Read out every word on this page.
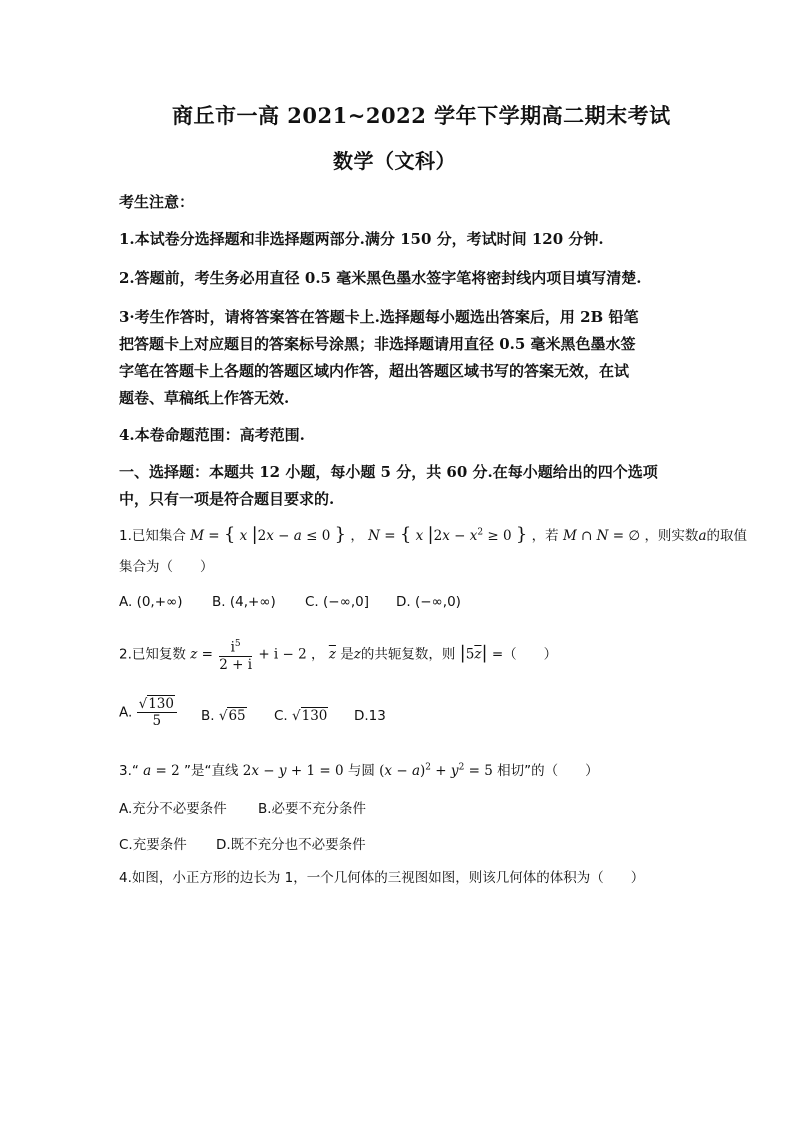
商丘市一高 2021~2022 学年下学期高二期末考试
数学（文科）
考生注意：
1.本试卷分选择题和非选择题两部分.满分 150 分，考试时间 120 分钟.
2.答题前，考生务必用直径 0.5 毫米黑色墨水签字笔将密封线内项目填写清楚.
3·考生作答时，请将答案答在答题卡上.选择题每小题选出答案后，用 2B 铅笔
把答题卡上对应题目的答案标号涂黑；非选择题请用直径 0.5 毫米黑色墨水签
字笔在答题卡上各题的答题区域内作答，超出答题区域书写的答案无效，在试
题卷、草稿纸上作答无效.
4.本卷命题范围：高考范围.
一、选择题：本题共 12 小题，每小题 5 分，共 60 分.在每小题给出的四个选项
中，只有一项是符合题目要求的.
1.已知集合 M = { x |2x − a ≤ 0 } ， N = { x $|2x - x^2 \ge 0$ } ，若 M ∩ N = ∅ ，则实数a的取值
集合为（　　）
A. (0,+∞) B. (4,+∞) C. (−∞,0] D. (−∞,0)
2.已知复数 $z = \frac{i^5}{2 + i} + i - 2$ ， $\overline{z}$ 是z的共轭复数，则 $|5\overline{z}|$ =（　　）
A. $\frac{√130}{5} B$. √65 C. √130 D.13
3.“ a = 2 ”是“直线 2x − y + 1 = 0 与圆 $(x - a)^2 + y^2 = 5$ 相切”的（　　）
A.充分不必要条件 B.必要不充分条件
C.充要条件 D.既不充分也不必要条件
4.如图，小正方形的边长为 1，一个几何体的三视图如图，则该几何体的体积为（　　）
